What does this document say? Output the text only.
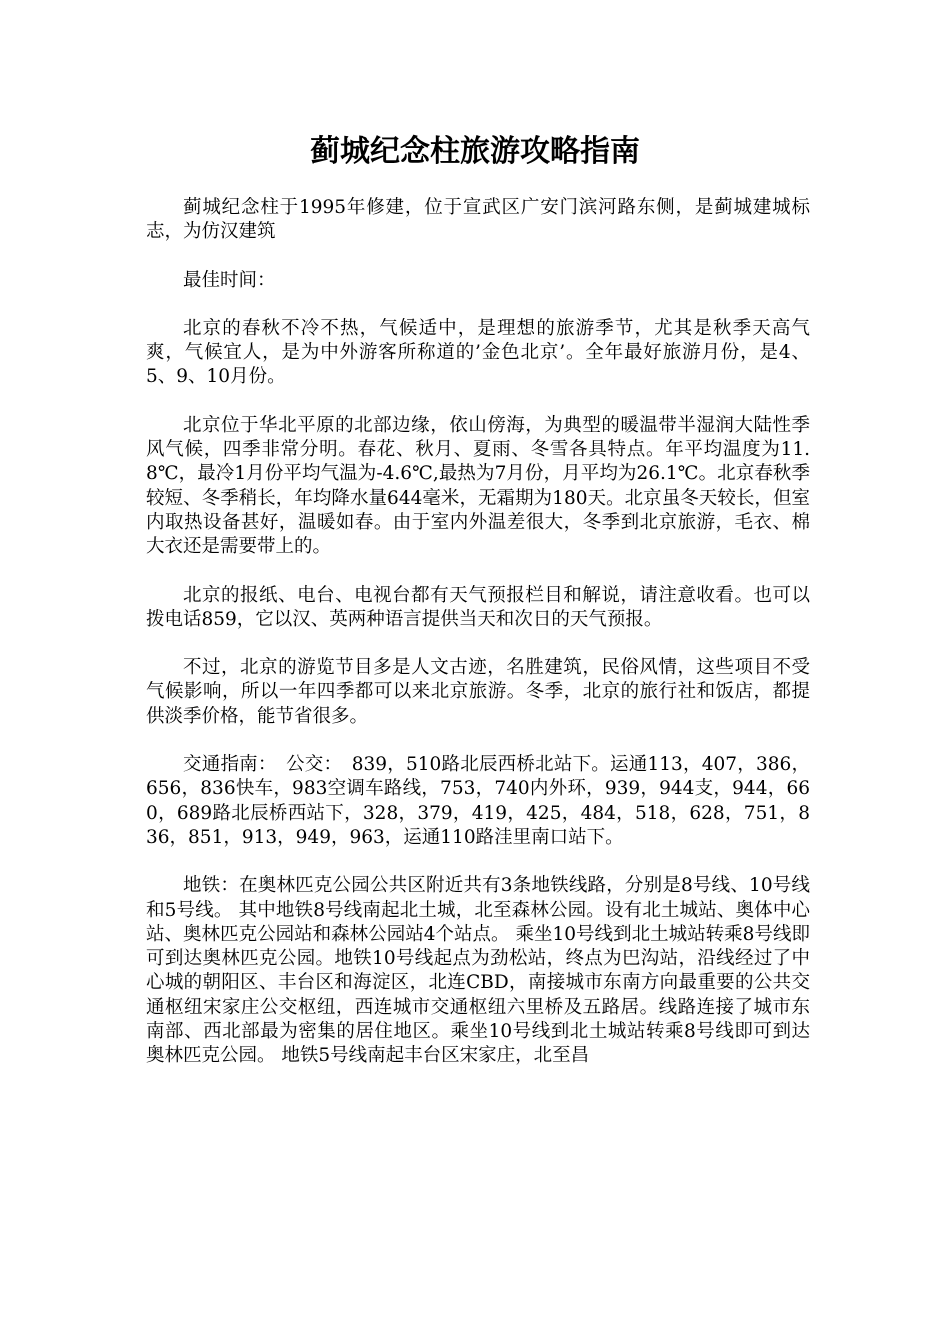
蓟城纪念柱旅游攻略指南

蓟城纪念柱于1995年修建，位于宣武区广安门滨河路东侧，是蓟城建城标志，为仿汉建筑

最佳时间：

北京的春秋不冷不热，气候适中，是理想的旅游季节，尤其是秋季天高气爽，气候宜人，是为中外游客所称道的’金色北京’。全年最好旅游月份，是4、5、9、10月份。

北京位于华北平原的北部边缘，依山傍海，为典型的暖温带半湿润大陆性季风气候，四季非常分明。春花、秋月、夏雨、冬雪各具特点。年平均温度为11.8℃，最冷1月份平均气温为-4.6℃,最热为7月份，月平均为26.1℃。北京春秋季较短、冬季稍长，年均降水量644毫米，无霜期为180天。北京虽冬天较长，但室内取热设备甚好，温暖如春。由于室内外温差很大，冬季到北京旅游，毛衣、棉大衣还是需要带上的。

北京的报纸、电台、电视台都有天气预报栏目和解说，请注意收看。也可以拨电话859，它以汉、英两种语言提供当天和次日的天气预报。

不过，北京的游览节目多是人文古迹，名胜建筑，民俗风情，这些项目不受气候影响，所以一年四季都可以来北京旅游。冬季，北京的旅行社和饭店，都提供淡季价格，能节省很多。

交通指南：　公交：　839，510路北辰西桥北站下。运通113，407，386，656，836快车，983空调车路线，753，740内外环，939，944支，944，660，689路北辰桥西站下，328，379，419，425，484，518，628，751，836，851，913，949，963，运通110路洼里南口站下。

地铁：在奥林匹克公园公共区附近共有3条地铁线路，分别是8号线、10号线和5号线。 其中地铁8号线南起北土城，北至森林公园。设有北土城站、奥体中心站、奥林匹克公园站和森林公园站4个站点。 乘坐10号线到北土城站转乘8号线即可到达奥林匹克公园。地铁10号线起点为劲松站，终点为巴沟站，沿线经过了中心城的朝阳区、丰台区和海淀区，北连CBD，南接城市东南方向最重要的公共交通枢纽宋家庄公交枢纽，西连城市交通枢纽六里桥及五路居。线路连接了城市东南部、西北部最为密集的居住地区。乘坐10号线到北土城站转乘8号线即可到达奥林匹克公园。 地铁5号线南起丰台区宋家庄，北至昌
